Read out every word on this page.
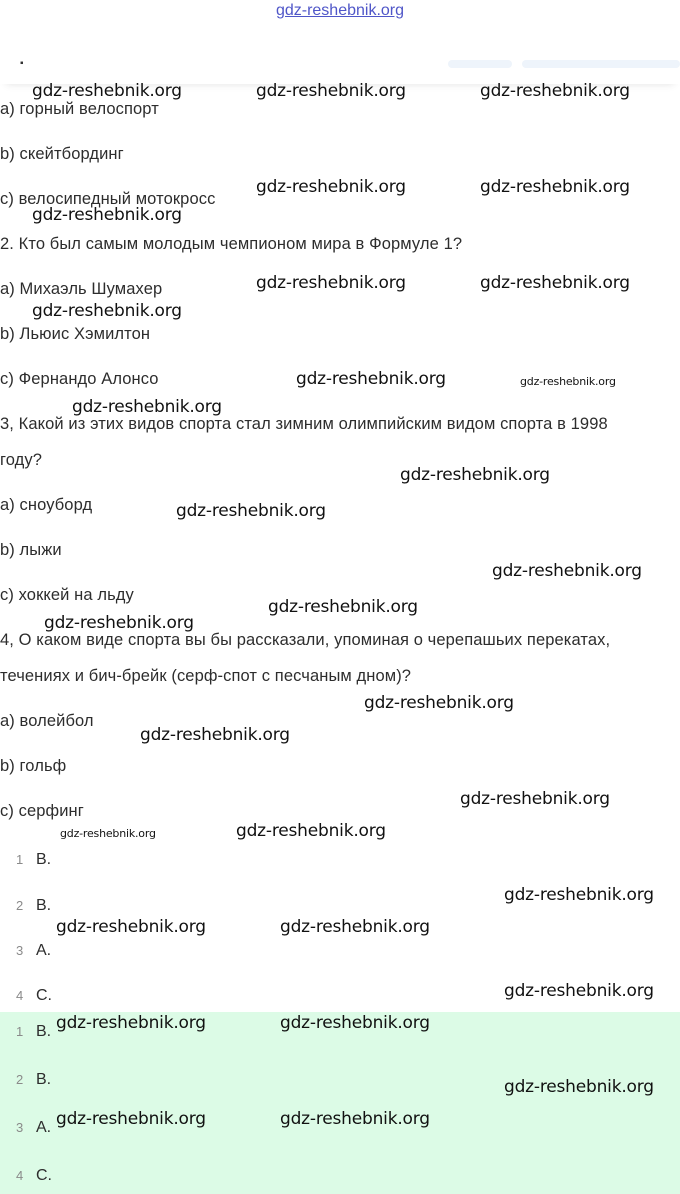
gdz-reshebnik.org
▪
а) горный велоспорт
b) скейтбординг
c) велосипедный мотокросс
2. Кто был самым молодым чемпионом мира в Формуле 1?
а) Михаэль Шумахер
b) Льюис Хэмилтон
c) Фернандо Алонсо
3, Какой из этих видов спорта стал зимним олимпийским видом спорта в 1998
году?
а) сноуборд
b) лыжи
c) хоккей на льду
4, О каком виде спорта вы бы рассказали, упоминая о черепашьих перекатах,
течениях и бич-брейк (серф-спот с песчаным дном)?
а) волейбол
b) гольф
c) серфинг
1 B.
2 B.
3 A.
4 C.
1 B.
2 B.
3 A.
4 C.
gdz-reshebnik.org	gdz-reshebnik.org	gdz-reshebnik.org
gdz-reshebnik.org	gdz-reshebnik.org
gdz-reshebnik.org
gdz-reshebnik.org	gdz-reshebnik.org
gdz-reshebnik.org
gdz-reshebnik.org	gdz-reshebnik.org
gdz-reshebnik.org
gdz-reshebnik.org
gdz-reshebnik.org
gdz-reshebnik.org
gdz-reshebnik.org
gdz-reshebnik.org
gdz-reshebnik.org
gdz-reshebnik.org
gdz-reshebnik.org
gdz-reshebnik.org	gdz-reshebnik.org
gdz-reshebnik.org
gdz-reshebnik.org	gdz-reshebnik.org
gdz-reshebnik.org
gdz-reshebnik.org	gdz-reshebnik.org
gdz-reshebnik.org
gdz-reshebnik.org	gdz-reshebnik.org
